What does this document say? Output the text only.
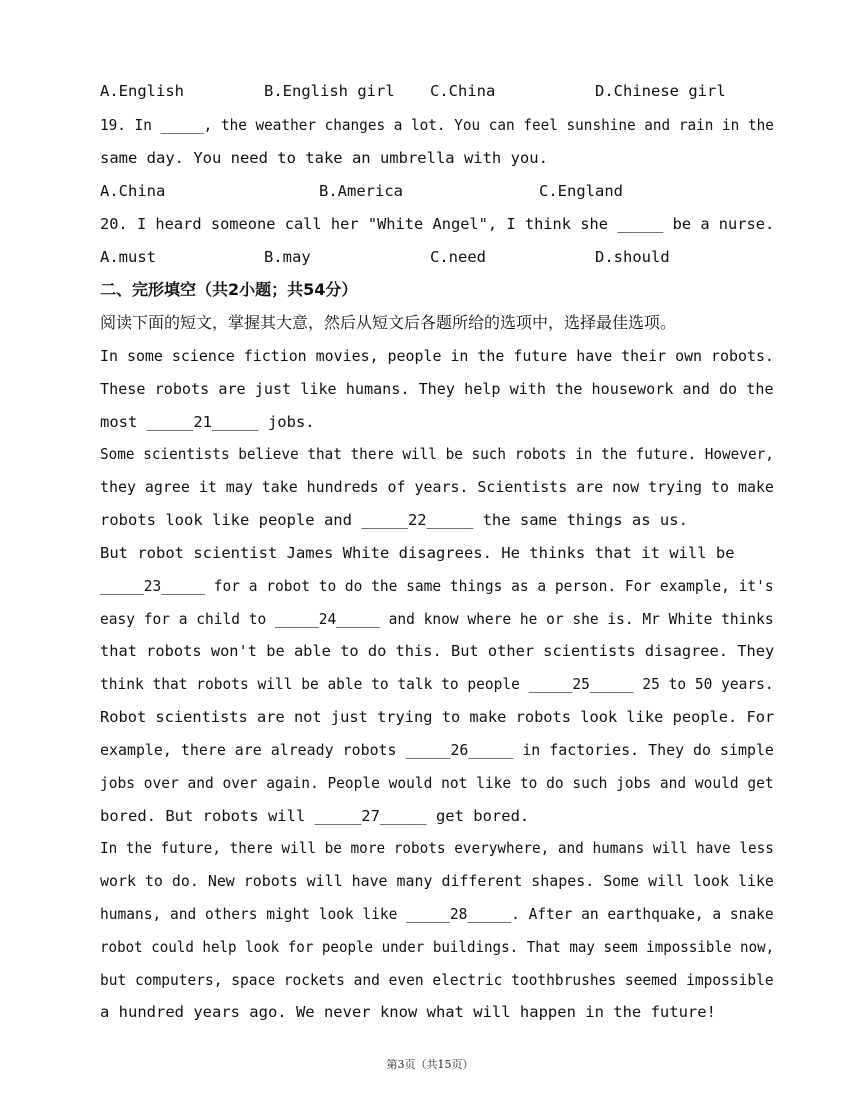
A.English	B.English girl C.China	D.Chinese girl
19. In _____, the weather changes a lot. You can feel sunshine and rain in the
same day. You need to take an umbrella with you.
A.China	B.America	C.England
20. I heard someone call her "White Angel", I think she _____ be a nurse.
A.must	B.may	C.need	D.should
二、完形填空（共2小题；共54分）
阅读下面的短文，掌握其大意，然后从短文后各题所给的选项中，选择最佳选项。
In some science fiction movies, people in the future have their own robots.
These robots are just like humans. They help with the housework and do the
most _____21_____ jobs.
Some scientists believe that there will be such robots in the future. However,
they agree it may take hundreds of years. Scientists are now trying to make
robots look like people and _____22_____ the same things as us.
But robot scientist James White disagrees. He thinks that it will be
_____23_____ for a robot to do the same things as a person. For example, it's
easy for a child to _____24_____ and know where he or she is. Mr White thinks
that robots won't be able to do this. But other scientists disagree. They
think that robots will be able to talk to people _____25_____ 25 to 50 years.
Robot scientists are not just trying to make robots look like people. For
example, there are already robots _____26_____ in factories. They do simple
jobs over and over again. People would not like to do such jobs and would get
bored. But robots will _____27_____ get bored.
In the future, there will be more robots everywhere, and humans will have less
work to do. New robots will have many different shapes. Some will look like
humans, and others might look like _____28_____. After an earthquake, a snake
robot could help look for people under buildings. That may seem impossible now,
but computers, space rockets and even electric toothbrushes seemed impossible
a hundred years ago. We never know what will happen in the future!
第3页（共15页）
